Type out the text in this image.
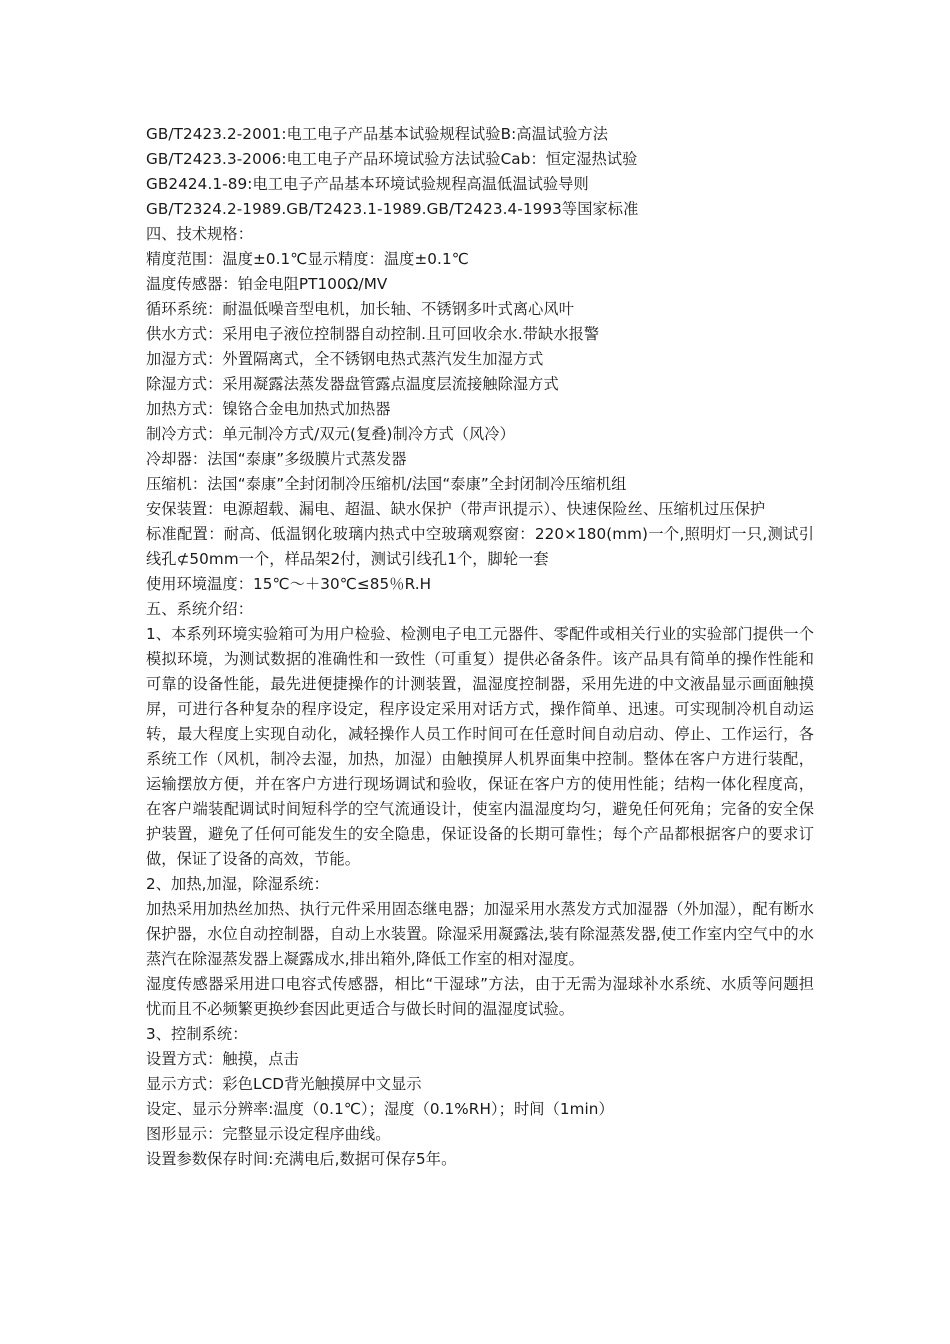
GB/T2423.2-2001:电工电子产品基本试验规程试验B:高温试验方法
GB/T2423.3-2006:电工电子产品环境试验方法试验Cab：恒定湿热试验
GB2424.1-89:电工电子产品基本环境试验规程高温低温试验导则
GB/T2324.2-1989.GB/T2423.1-1989.GB/T2423.4-1993等国家标准
四、技术规格：
精度范围：温度±0.1℃显示精度：温度±0.1℃
温度传感器：铂金电阻PT100Ω/MV
循环系统：耐温低噪音型电机，加长轴、不锈钢多叶式离心风叶
供水方式：采用电子液位控制器自动控制.且可回收余水.带缺水报警
加湿方式：外置隔离式，全不锈钢电热式蒸汽发生加湿方式
除湿方式：采用凝露法蒸发器盘管露点温度层流接触除湿方式
加热方式：镍铬合金电加热式加热器
制冷方式：单元制冷方式/双元(复叠)制冷方式（风冷）
冷却器：法国“泰康”多级膜片式蒸发器
压缩机：法国“泰康”全封闭制冷压缩机/法国“泰康”全封闭制冷压缩机组
安保装置：电源超载、漏电、超温、缺水保护（带声讯提示）、快速保险丝、压缩机过压保护
标准配置：耐高、低温钢化玻璃内热式中空玻璃观察窗：220×180(mm)一个,照明灯一只,测试引线孔⊄50mm一个，样品架2付，测试引线孔1个，脚轮一套
使用环境温度：15℃～＋30℃≤85％R.H
五、系统介绍：
1、本系列环境实验箱可为用户检验、检测电子电工元器件、零配件或相关行业的实验部门提供一个模拟环境，为测试数据的准确性和一致性（可重复）提供必备条件。该产品具有简单的操作性能和可靠的设备性能，最先进便捷操作的计测装置，温湿度控制器，采用先进的中文液晶显示画面触摸屏，可进行各种复杂的程序设定，程序设定采用对话方式，操作简单、迅速。可实现制冷机自动运转，最大程度上实现自动化，减轻操作人员工作时间可在任意时间自动启动、停止、工作运行，各系统工作（风机，制冷去湿，加热，加湿）由触摸屏人机界面集中控制。整体在客户方进行装配，运输摆放方便，并在客户方进行现场调试和验收，保证在客户方的使用性能；结构一体化程度高，在客户端装配调试时间短科学的空气流通设计，使室内温湿度均匀，避免任何死角；完备的安全保护装置，避免了任何可能发生的安全隐患，保证设备的长期可靠性；每个产品都根据客户的要求订做，保证了设备的高效，节能。
2、加热,加湿，除湿系统：
加热采用加热丝加热、执行元件采用固态继电器；加湿采用水蒸发方式加湿器（外加湿），配有断水保护器，水位自动控制器，自动上水装置。除湿采用凝露法,装有除湿蒸发器,使工作室内空气中的水蒸汽在除湿蒸发器上凝露成水,排出箱外,降低工作室的相对湿度。
湿度传感器采用进口电容式传感器，相比“干湿球”方法，由于无需为湿球补水系统、水质等问题担忧而且不必频繁更换纱套因此更适合与做长时间的温湿度试验。
3、控制系统：
设置方式：触摸，点击
显示方式：彩色LCD背光触摸屏中文显示
设定、显示分辨率:温度（0.1℃）；湿度（0.1%RH）；时间（1min）
图形显示：完整显示设定程序曲线。
设置参数保存时间:充满电后,数据可保存5年。
